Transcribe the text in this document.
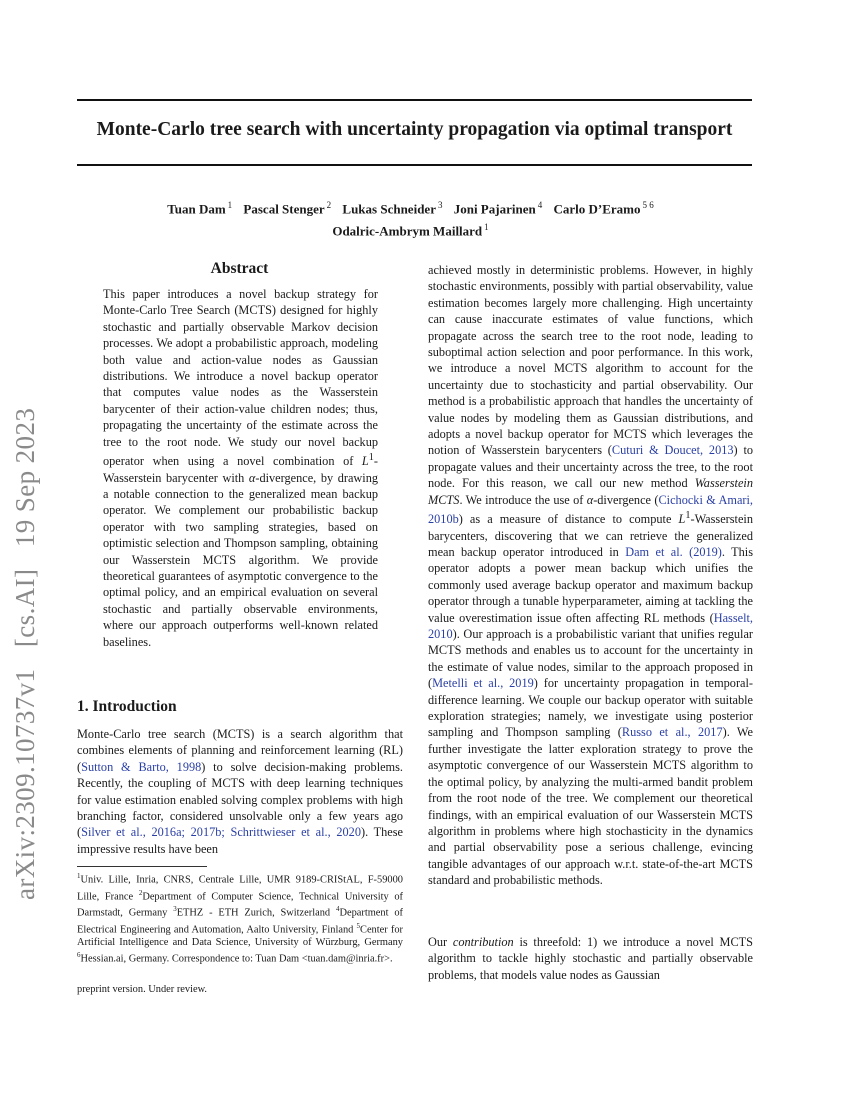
arXiv:2309.10737v1   [cs.AI]   19 Sep 2023
Monte-Carlo tree search with uncertainty propagation via optimal transport
Tuan Dam $^1$ Pascal Stenger $^2$ Lukas Schneider $^3$ Joni Pajarinen $^4$ Carlo D’Eramo $^{5 6}$
Odalric-Ambrym Maillard $^1$
Abstract

This paper introduces a novel backup strategy for Monte-Carlo Tree Search (MCTS) designed for highly stochastic and partially observable Markov decision processes. We adopt a probabilistic approach, modeling both value and action-value nodes as Gaussian distributions. We introduce a novel backup operator that computes value nodes as the Wasserstein barycenter of their action-value children nodes; thus, propagating the uncertainty of the estimate across the tree to the root node. We study our novel backup operator when using a novel combination of $L^1$-Wasserstein barycenter with α-divergence, by drawing a notable connection to the generalized mean backup operator. We complement our probabilistic backup operator with two sampling strategies, based on optimistic selection and Thompson sampling, obtaining our Wasserstein MCTS algorithm. We provide theoretical guarantees of asymptotic convergence to the optimal policy, and an empirical evaluation on several stochastic and partially observable environments, where our approach outperforms well-known related baselines.

1. Introduction

Monte-Carlo tree search (MCTS) is a search algorithm that combines elements of planning and reinforcement learning (RL) (Sutton & Barto, 1998) to solve decision-making problems. Recently, the coupling of MCTS with deep learning techniques for value estimation enabled solving complex problems with high branching factor, considered unsolvable only a few years ago (Silver et al., 2016a; 2017b; Schrittwieser et al., 2020). These impressive results have been

$^1$Univ. Lille, Inria, CNRS, Centrale Lille, UMR 9189-CRIStAL, F-59000 Lille, France $^2$Department of Computer Science, Technical University of Darmstadt, Germany $^3$ETHZ - ETH Zurich, Switzerland $^4$Department of Electrical Engineering and Automation, Aalto University, Finland $^5$Center for Artificial Intelligence and Data Science, University of Würzburg, Germany $^6$Hessian.ai, Germany. Correspondence to: Tuan Dam <tuan.dam@inria.fr>.

preprint version. Under review.

achieved mostly in deterministic problems. However, in highly stochastic environments, possibly with partial observability, value estimation becomes largely more challenging. High uncertainty can cause inaccurate estimates of value functions, which propagate across the search tree to the root node, leading to suboptimal action selection and poor performance. In this work, we introduce a novel MCTS algorithm to account for the uncertainty due to stochasticity and partial observability. Our method is a probabilistic approach that handles the uncertainty of value nodes by modeling them as Gaussian distributions, and adopts a novel backup operator for MCTS which leverages the notion of Wasserstein barycenters (Cuturi & Doucet, 2013) to propagate values and their uncertainty across the tree, to the root node. For this reason, we call our new method Wasserstein MCTS. We introduce the use of α-divergence (Cichocki & Amari, 2010b) as a measure of distance to compute $L^1$-Wasserstein barycenters, discovering that we can retrieve the generalized mean backup operator introduced in Dam et al. (2019). This operator adopts a power mean backup which unifies the commonly used average backup operator and maximum backup operator through a tunable hyperparameter, aiming at tackling the value overestimation issue often affecting RL methods (Hasselt, 2010). Our approach is a probabilistic variant that unifies regular MCTS methods and enables us to account for the uncertainty in the estimate of value nodes, similar to the approach proposed in (Metelli et al., 2019) for uncertainty propagation in temporal-difference learning. We couple our backup operator with suitable exploration strategies; namely, we investigate using posterior sampling and Thompson sampling (Russo et al., 2017). We further investigate the latter exploration strategy to prove the asymptotic convergence of our Wasserstein MCTS algorithm to the optimal policy, by analyzing the multi-armed bandit problem from the root node of the tree. We complement our theoretical findings, with an empirical evaluation of our Wasserstein MCTS algorithm in problems where high stochasticity in the dynamics and partial observability pose a serious challenge, evincing tangible advantages of our approach w.r.t. state-of-the-art MCTS standard and probabilistic methods.

Our contribution is threefold: 1) we introduce a novel MCTS algorithm to tackle highly stochastic and partially observable problems, that models value nodes as Gaussian
